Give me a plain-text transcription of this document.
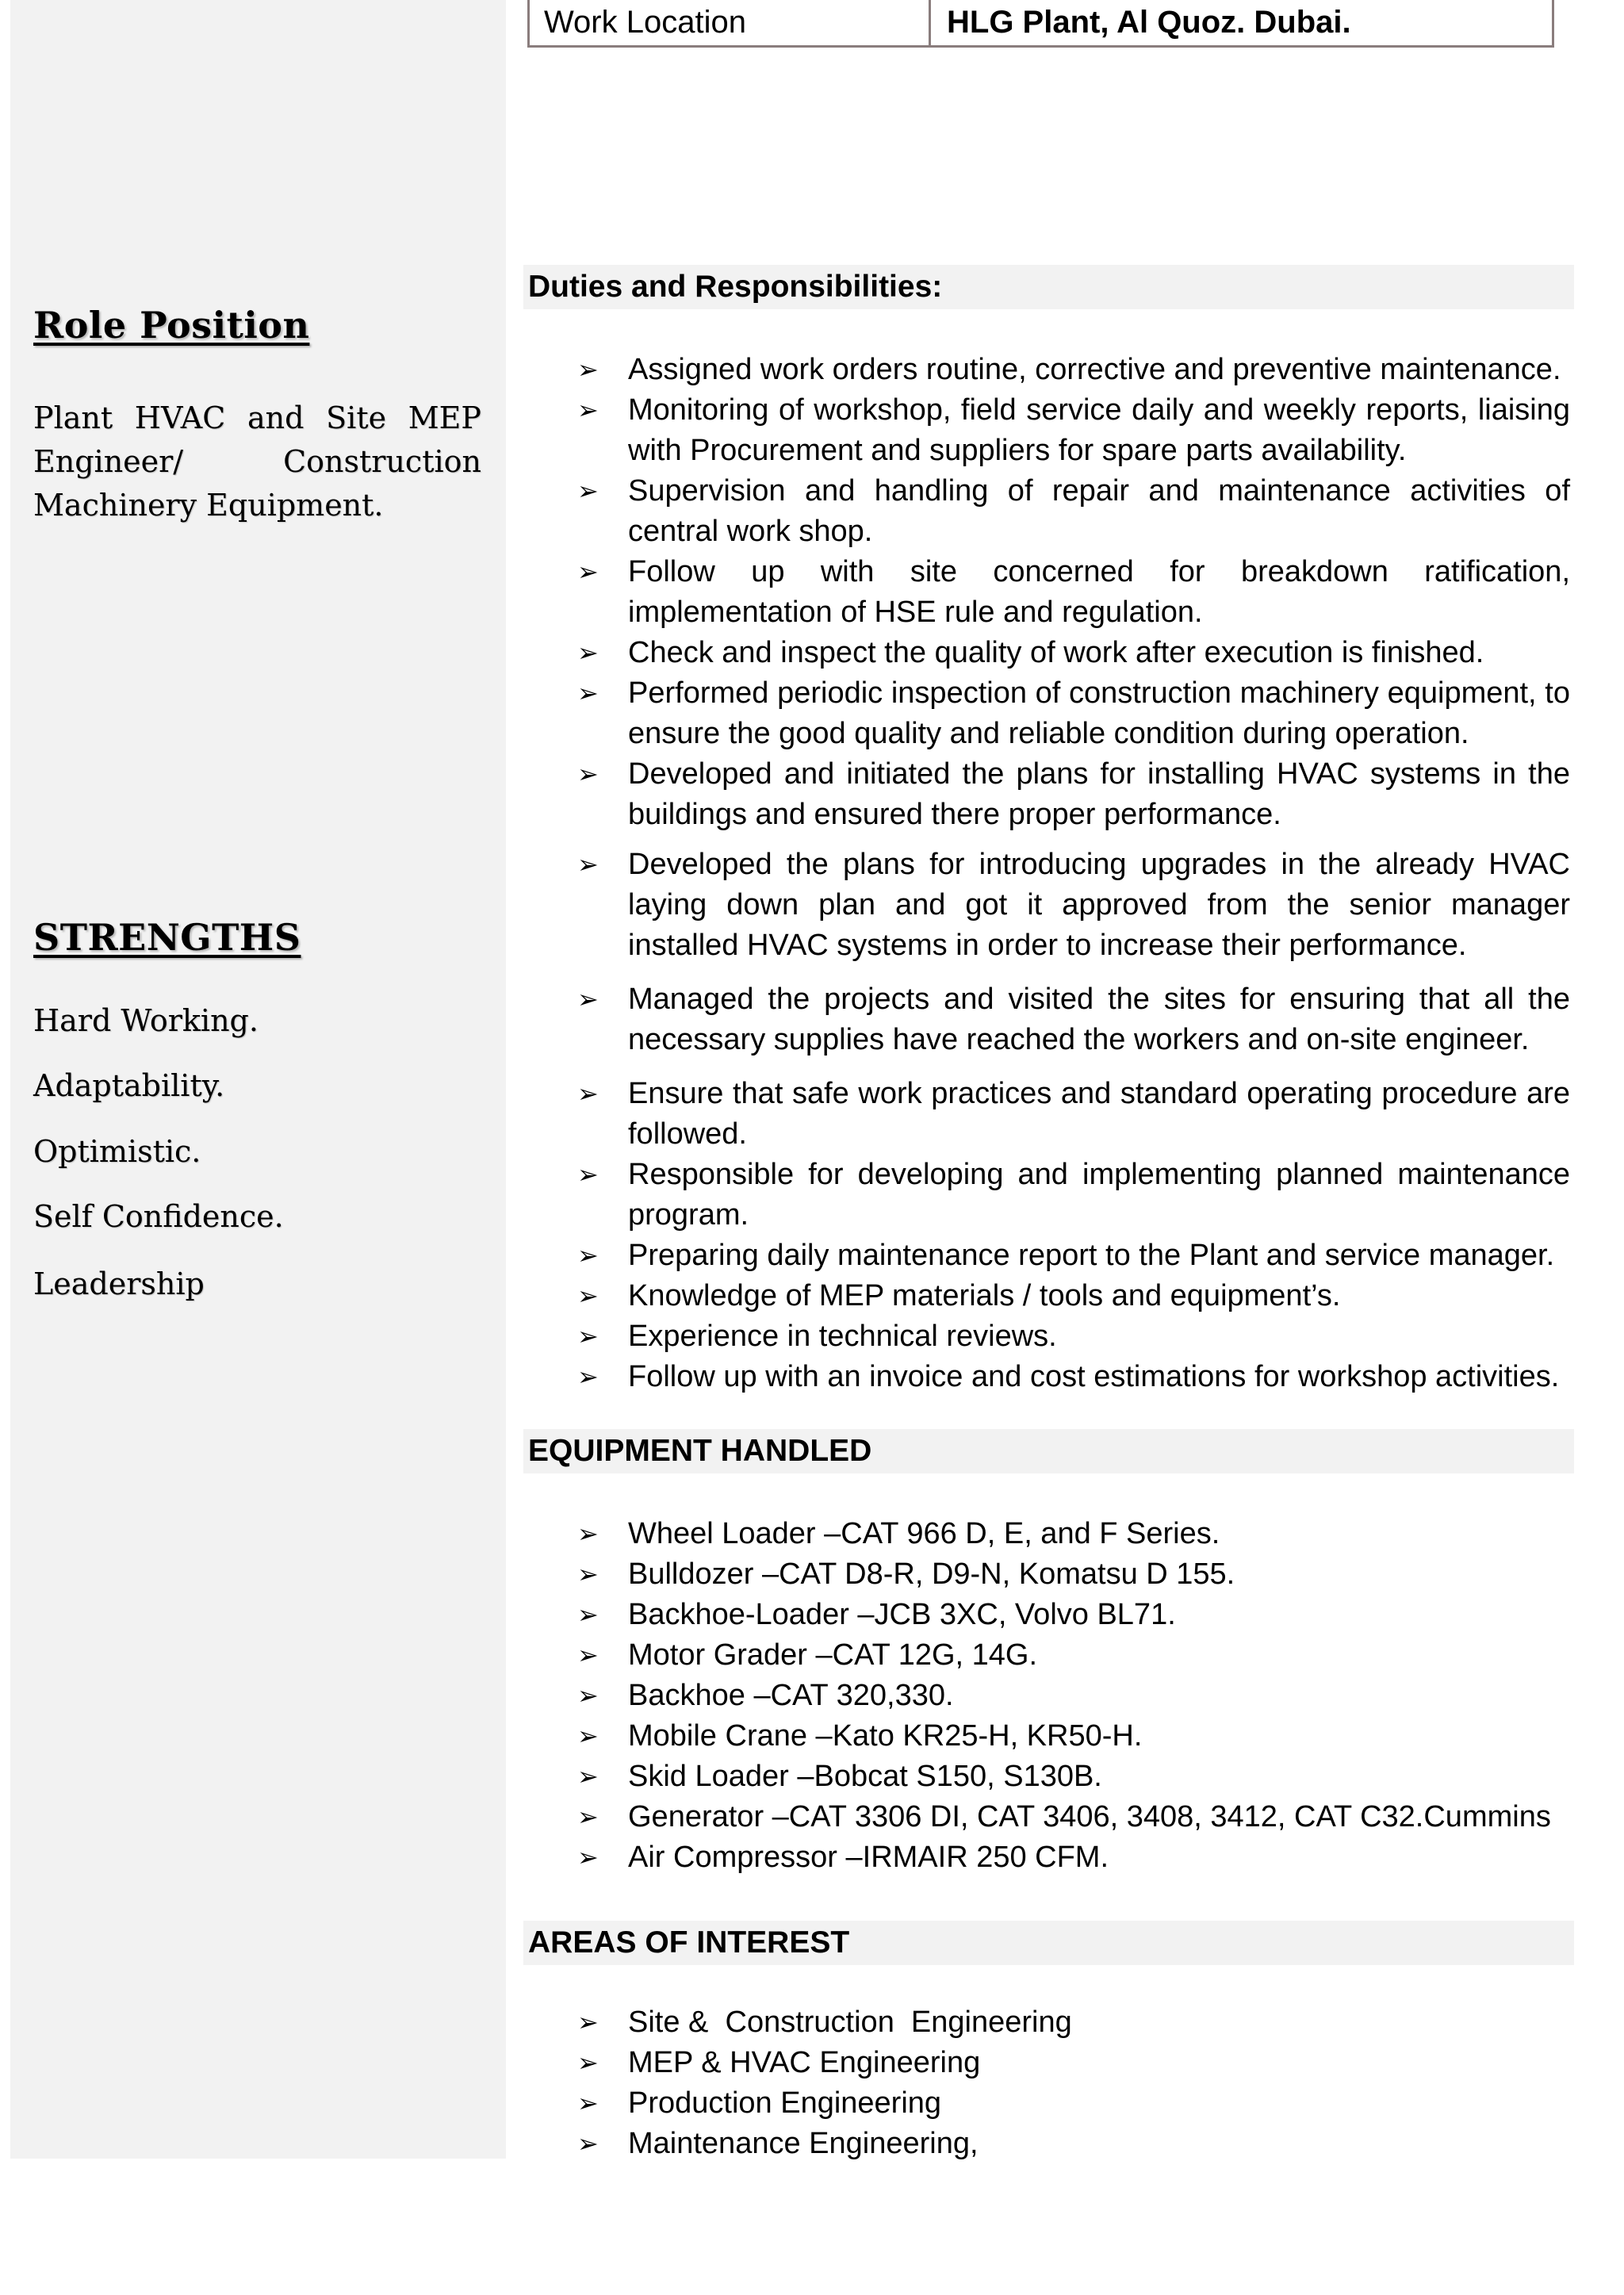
Role Position
Plant HVAC and Site MEP Engineer/ Construction Machinery Equipment.
STRENGTHS
Hard Working.
Adaptability.
Optimistic.
Self Confidence.
Leadership
Work Location	HLG Plant, Al Quoz. Dubai.
Duties and Responsibilities:
➢ Assigned work orders routine, corrective and preventive maintenance.
➢ Monitoring of workshop, field service daily and weekly reports, liaising with Procurement and suppliers for spare parts availability.
➢ Supervision and handling of repair and maintenance activities of central work shop.
➢ Follow up with site concerned for breakdown ratification, implementation of HSE rule and regulation.
➢ Check and inspect the quality of work after execution is finished.
➢ Performed periodic inspection of construction machinery equipment, to ensure the good quality and reliable condition during operation.
➢ Developed and initiated the plans for installing HVAC systems in the buildings and ensured there proper performance.
➢ Developed the plans for introducing upgrades in the already HVAC laying down plan and got it approved from the senior manager installed HVAC systems in order to increase their performance.
➢ Managed the projects and visited the sites for ensuring that all the necessary supplies have reached the workers and on-site engineer.
➢ Ensure that safe work practices and standard operating procedure are followed.
➢ Responsible for developing and implementing planned maintenance program.
➢ Preparing daily maintenance report to the Plant and service manager.
➢ Knowledge of MEP materials / tools and equipment’s.
➢ Experience in technical reviews.
➢ Follow up with an invoice and cost estimations for workshop activities.
EQUIPMENT HANDLED
➢ Wheel Loader –CAT 966 D, E, and F Series.
➢ Bulldozer –CAT D8-R, D9-N, Komatsu D 155.
➢ Backhoe-Loader –JCB 3XC, Volvo BL71.
➢ Motor Grader –CAT 12G, 14G.
➢ Backhoe –CAT 320,330.
➢ Mobile Crane –Kato KR25-H, KR50-H.
➢ Skid Loader –Bobcat S150, S130B.
➢ Generator –CAT 3306 DI, CAT 3406, 3408, 3412, CAT C32.Cummins
➢ Air Compressor –IRMAIR 250 CFM.
AREAS OF INTEREST
➢ Site &  Construction  Engineering
➢ MEP & HVAC Engineering
➢ Production Engineering
➢ Maintenance Engineering,
